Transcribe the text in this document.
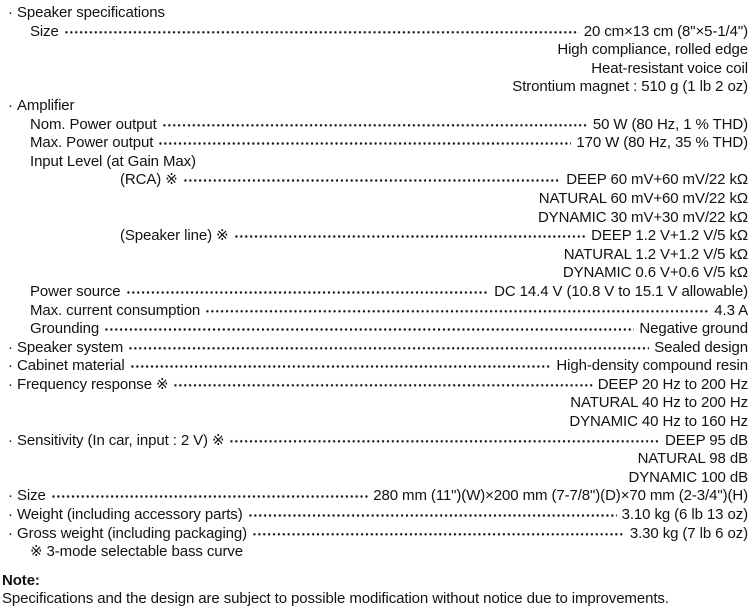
· Speaker specifications
Size	20 cm×13 cm (8"×5-1/4")
High compliance, rolled edge
Heat-resistant voice coil
Strontium magnet : 510 g (1 lb 2 oz)
· Amplifier
Nom. Power output	50 W (80 Hz, 1 % THD)
Max. Power output	170 W (80 Hz, 35 % THD)
Input Level (at Gain Max)
(RCA) ※	DEEP 60 mV+60 mV/22 kΩ
NATURAL 60 mV+60 mV/22 kΩ
DYNAMIC 30 mV+30 mV/22 kΩ
(Speaker line) ※	DEEP 1.2 V+1.2 V/5 kΩ
NATURAL 1.2 V+1.2 V/5 kΩ
DYNAMIC 0.6 V+0.6 V/5 kΩ
Power source	DC 14.4 V (10.8 V to 15.1 V allowable)
Max. current consumption	4.3 A
Grounding	Negative ground
· Speaker system	Sealed design
· Cabinet material	High-density compound resin
· Frequency response ※	DEEP 20 Hz to 200 Hz
NATURAL 40 Hz to 200 Hz
DYNAMIC 40 Hz to 160 Hz
· Sensitivity (In car, input : 2 V) ※	DEEP 95 dB
NATURAL 98 dB
DYNAMIC 100 dB
· Size	280 mm (11")(W)×200 mm (7-7/8")(D)×70 mm (2-3/4")(H)
· Weight (including accessory parts)	3.10 kg (6 lb 13 oz)
· Gross weight (including packaging)	3.30 kg (7 lb 6 oz)
※ 3-mode selectable bass curve
Note:
Specifications and the design are subject to possible modification without notice due to improvements.
